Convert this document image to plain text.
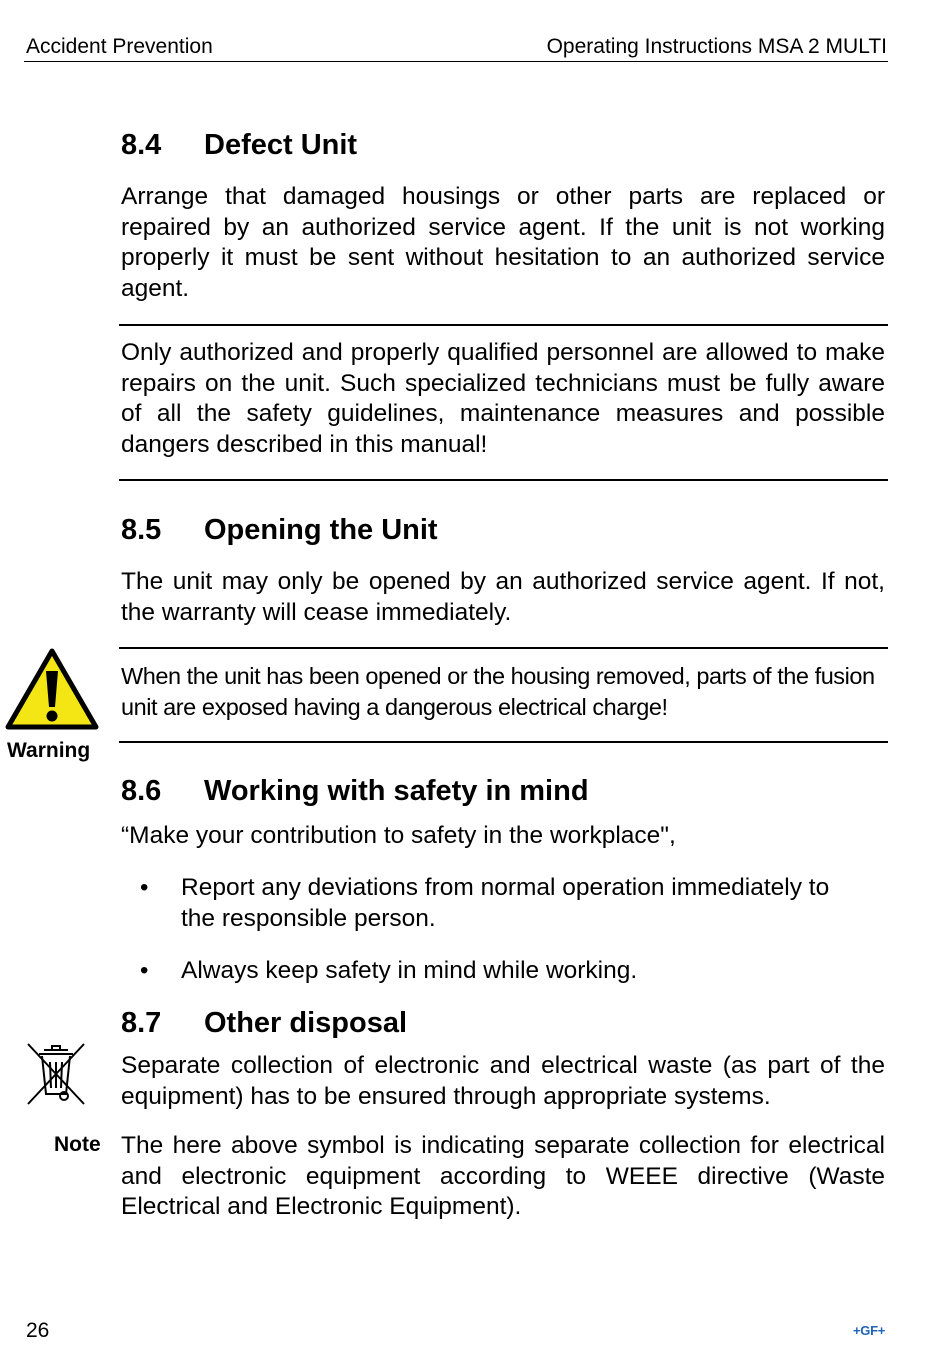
Accident Prevention	Operating Instructions MSA 2 MULTI
8.4 Defect Unit

Arrange that damaged housings or other parts are replaced or repaired by an authorized service agent. If the unit is not working properly it must be sent without hesitation to an authorized service agent.

Only authorized and properly qualified personnel are allowed to make repairs on the unit. Such specialized technicians must be fully aware of all the safety guidelines, maintenance measures and possible dangers described in this manual!

8.5 Opening the Unit

The unit may only be opened by an authorized service agent. If not, the warranty will cease immediately.

Warning

When the unit has been opened or the housing removed, parts of the fusion unit are exposed having a dangerous electrical charge!

8.6 Working with safety in mind

“Make your contribution to safety in the workplace",

• Report any deviations from normal operation immediately to the responsible person.
• Always keep safety in mind while working.
8.7 Other disposal

Separate collection of electronic and electrical waste (as part of the equipment) has to be ensured through appropriate systems.

Note The here above symbol is indicating separate collection for electrical and electronic equipment according to WEEE directive (Waste Electrical and Electronic Equipment).

26	+GF+
